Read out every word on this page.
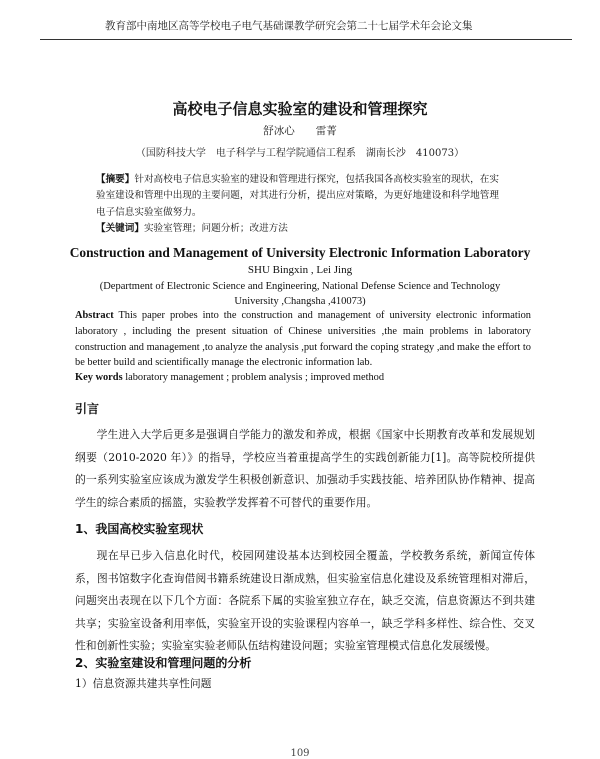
教育部中南地区高等学校电子电气基础课教学研究会第二十七届学术年会论文集
高校电子信息实验室的建设和管理探究
舒冰心　　雷菁
（国防科技大学　电子科学与工程学院通信工程系　湖南长沙　410073）
【摘要】针对高校电子信息实验室的建设和管理进行探究，包括我国各高校实验室的现状，在实验室建设和管理中出现的主要问题，对其进行分析，提出应对策略，为更好地建设和科学地管理电子信息实验室做努力。
【关键词】实验室管理；问题分析；改进方法
Construction and Management of University Electronic Information Laboratory
SHU Bingxin , Lei Jing
(Department of Electronic Science and Engineering, National Defense Science and Technology University ,Changsha ,410073)
Abstract This paper probes into the construction and management of university electronic information laboratory , including the present situation of Chinese universities ,the main problems in laboratory construction and management ,to analyze the analysis ,put forward the coping strategy ,and make the effort to be better build and scientifically manage the electronic information lab.
Key words laboratory management ; problem analysis ; improved method
引言
学生进入大学后更多是强调自学能力的激发和养成，根据《国家中长期教育改革和发展规划纲要（2010-2020 年）》的指导，学校应当着重提高学生的实践创新能力[1]。高等院校所提供的一系列实验室应该成为激发学生积极创新意识、加强动手实践技能、培养团队协作精神、提高学生的综合素质的摇篮，实验教学发挥着不可替代的重要作用。
1、我国高校实验室现状
现在早已步入信息化时代，校园网建设基本达到校园全覆盖，学校教务系统，新闻宣传体系，图书馆数字化查询借阅书籍系统建设日渐成熟，但实验室信息化建设及系统管理相对滞后，问题突出表现在以下几个方面：各院系下属的实验室独立存在，缺乏交流，信息资源达不到共建共享；实验室设备利用率低，实验室开设的实验课程内容单一，缺乏学科多样性、综合性、交叉性和创新性实验；实验室实验老师队伍结构建设问题；实验室管理模式信息化发展缓慢。
2、实验室建设和管理问题的分析
1）信息资源共建共享性问题
109
